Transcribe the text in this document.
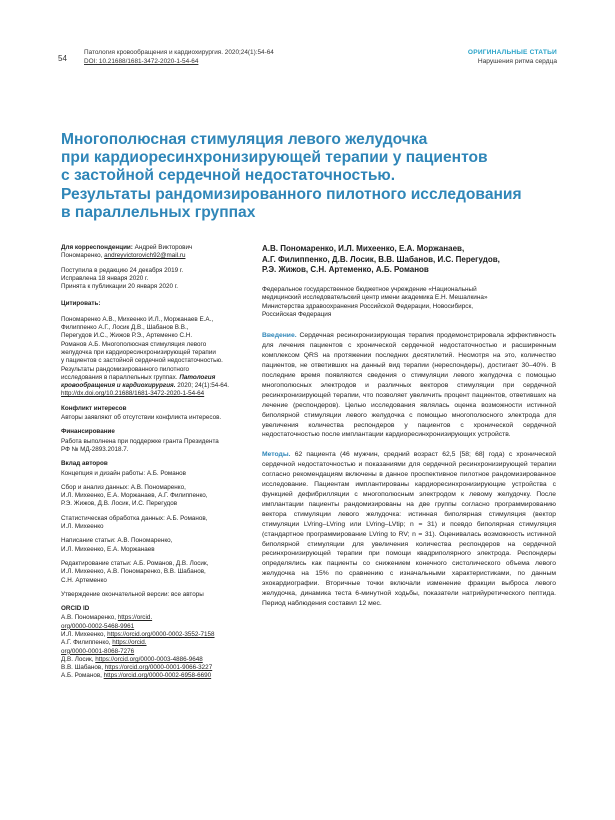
54
Патология кровообращения и кардиохирургия. 2020;24(1):54-64
DOI: 10.21688/1681-3472-2020-1-54-64
ОРИГИНАЛЬНЫЕ СТАТЬИ
Нарушения ритма сердца
Многополюсная стимуляция левого желудочка
при кардиоресинхронизирующей терапии у пациентов
с застойной сердечной недостаточностью.
Результаты рандомизированного пилотного исследования
в параллельных группах

Для корреспонденции: Андрей Викторович

Пономаренко, andreyvictorovich92@mail.ru

Поступила в редакцию 24 декабря 2019 г.

Исправлена 18 января 2020 г.

Принята к публикации 20 января 2020 г.

Цитировать:

Пономаренко А.В., Михеенко И.Л., Моржанаев Е.А.,

Филиппенко А.Г., Лосик Д.В., Шабанов В.В.,

Перегудов И.С., Жижов Р.Э., Артеменко С.Н.

Романов А.Б. Многополюсная стимуляция левого

желудочка при кардиоресинхронизирующей терапии

у пациентов с застойной сердечной недостаточностью.

Результаты рандомизированного пилотного

исследования в параллельных группах. Патология

кровообращения и кардиохирургия. 2020; 24(1):54-64.

http://dx.doi.org/10.21688/1681-3472-2020-1-54-64

Конфликт интересов

Авторы заявляют об отсутствии конфликта интересов.

Финансирование

Работа выполнена при поддержке гранта Президента

РФ № МД-2893.2018.7.

Вклад авторов

Концепция и дизайн работы: А.Б. Романов

Сбор и анализ данных: А.В. Пономаренко,

И.Л. Михеенко, Е.А. Моржанаев, А.Г. Филиппенко,

Р.Э. Жижов, Д.В. Лосик, И.С. Перегудов

Статистическая обработка данных: А.Б. Романов,

И.Л. Михеенко

Написание статьи: А.В. Пономаренко,

И.Л. Михеенко, Е.А. Моржанаев

Редактирование статьи: А.Б. Романов, Д.В. Лосик,

И.Л. Михеенко, А.В. Пономаренко, В.В. Шабанов,

С.Н. Артеменко

Утверждение окончательной версии: все авторы

ORCID ID

А.В. Пономаренко, https://orcid.

org/0000-0002-5468-9961

И.Л. Михеенко, https://orcid.org/0000-0002-3552-7158

А.Г. Филиппенко, https://orcid.

org/0000-0001-8068-7276

Д.В. Лосик, https://orcid.org/0000-0003-4886-9648

В.В. Шабанов, https://orcid.org/0000-0001-9066-3227

А.Б. Романов, https://orcid.org/0000-0002-6958-6690

А.В. Пономаренко, И.Л. Михеенко, Е.А. Моржанаев,
А.Г. Филиппенко, Д.В. Лосик, В.В. Шабанов, И.С. Перегудов,
Р.Э. Жижов, С.Н. Артеменко, А.Б. Романов
Федеральное государственное бюджетное учреждение «Национальный
медицинский исследовательский центр имени академика Е.Н. Мешалкина»
Министерства здравоохранения Российской Федерации, Новосибирск,
Российская Федерация

Введение. Сердечная ресинхронизирующая терапия продемонстрировала эффективность для лечения пациентов с хронической сердечной недостаточностью и расширенным комплексом QRS на протяжении последних десятилетий. Несмотря на это, количество пациентов, не ответивших на данный вид терапии (нереспондеры), достигает 30–40%. В последние время появляются сведения о стимуляции левого желудочка с помощью многополюсных электродов и различных векторов стимуляции при сердечной ресинхронизирующей терапии, что позволяет увеличить процент пациентов, ответивших на лечение (респондеров). Целью исследования являлась оценка возможности истинной биполярной стимуляции левого желудочка с помощью многополюсного электрода для увеличения количества респондеров у пациентов с хронической сердечной недостаточностью после имплантации кардиоресинхронизирующих устройств.

Методы. 62 пациента (46 мужчин, средний возраст 62,5 [58; 68] года) с хронической сердечной недостаточностью и показаниями для сердечной ресинхронизирующей терапии согласно рекомендациям включены в данное проспективное пилотное рандомизированное исследование. Пациентам имплантированы кардиоресинхронизирующие устройства с функцией дефибрилляции с многополюсным электродом к левому желудочку. После имплантации пациенты рандомизированы на две группы согласно программированию вектора стимуляции левого желудочка: истинная биполярная стимуляция (вектор стимуляции LVring–LVring или LVring–LVtip; n = 31) и псевдо биполярная стимуляция (стандартное программирование LVring to RV; n = 31). Оценивалась возможность истинной биполярной стимуляции для увеличения количества респондеров на сердечной ресинхронизирующей терапии при помощи квадриполярного электрода. Респондеры определялись как пациенты со снижением конечного систолического объема левого желудочка на 15% по сравнению с изначальными характеристиками, по данным эхокардиографии. Вторичные точки включали изменение фракции выброса левого желудочка, динамика теста 6-минутной ходьбы, показатели натрийуретического пептида. Период наблюдения составил 12 мес.
